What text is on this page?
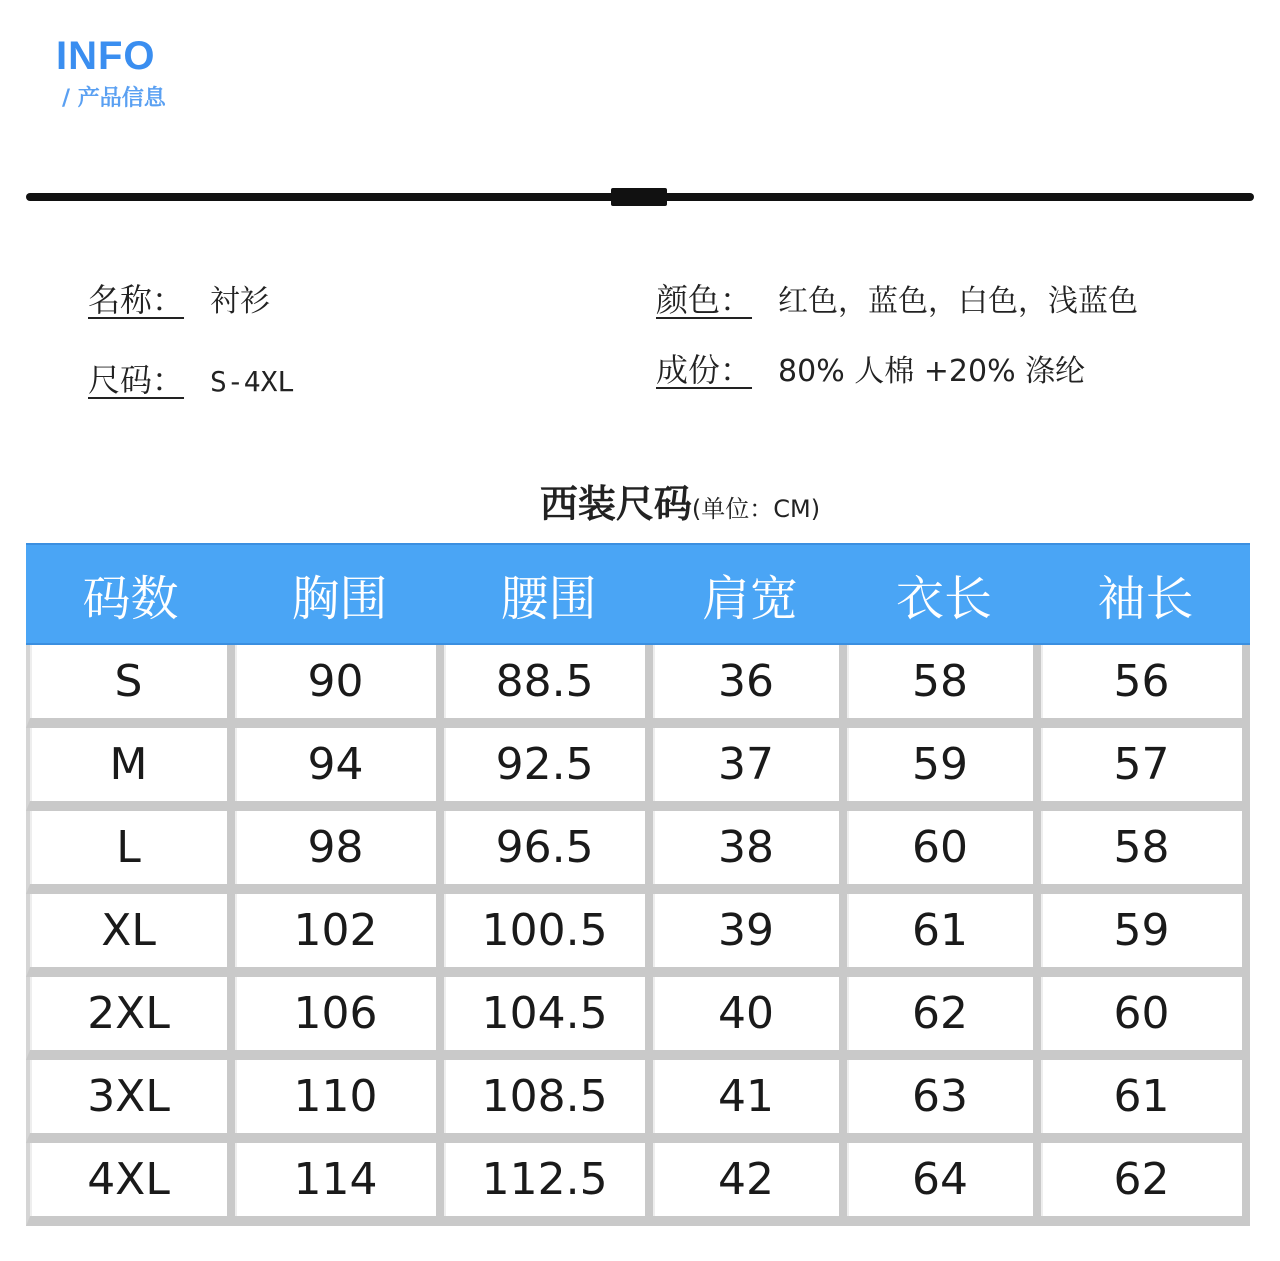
INFO
/ 产品信息
名称： 衬衫
尺码： S-4XL
颜色： 红色，蓝色，白色，浅蓝色
成份： 80% 人棉 +20% 涤纶
西装尺码(单位：CM)
码数	胸围	腰围	肩宽	衣长	袖长
S	90	88.5	36	58	56
M	94	92.5	37	59	57
L	98	96.5	38	60	58
XL	102	100.5	39	61	59
2XL	106	104.5	40	62	60
3XL	110	108.5	41	63	61
4XL	114	112.5	42	64	62
